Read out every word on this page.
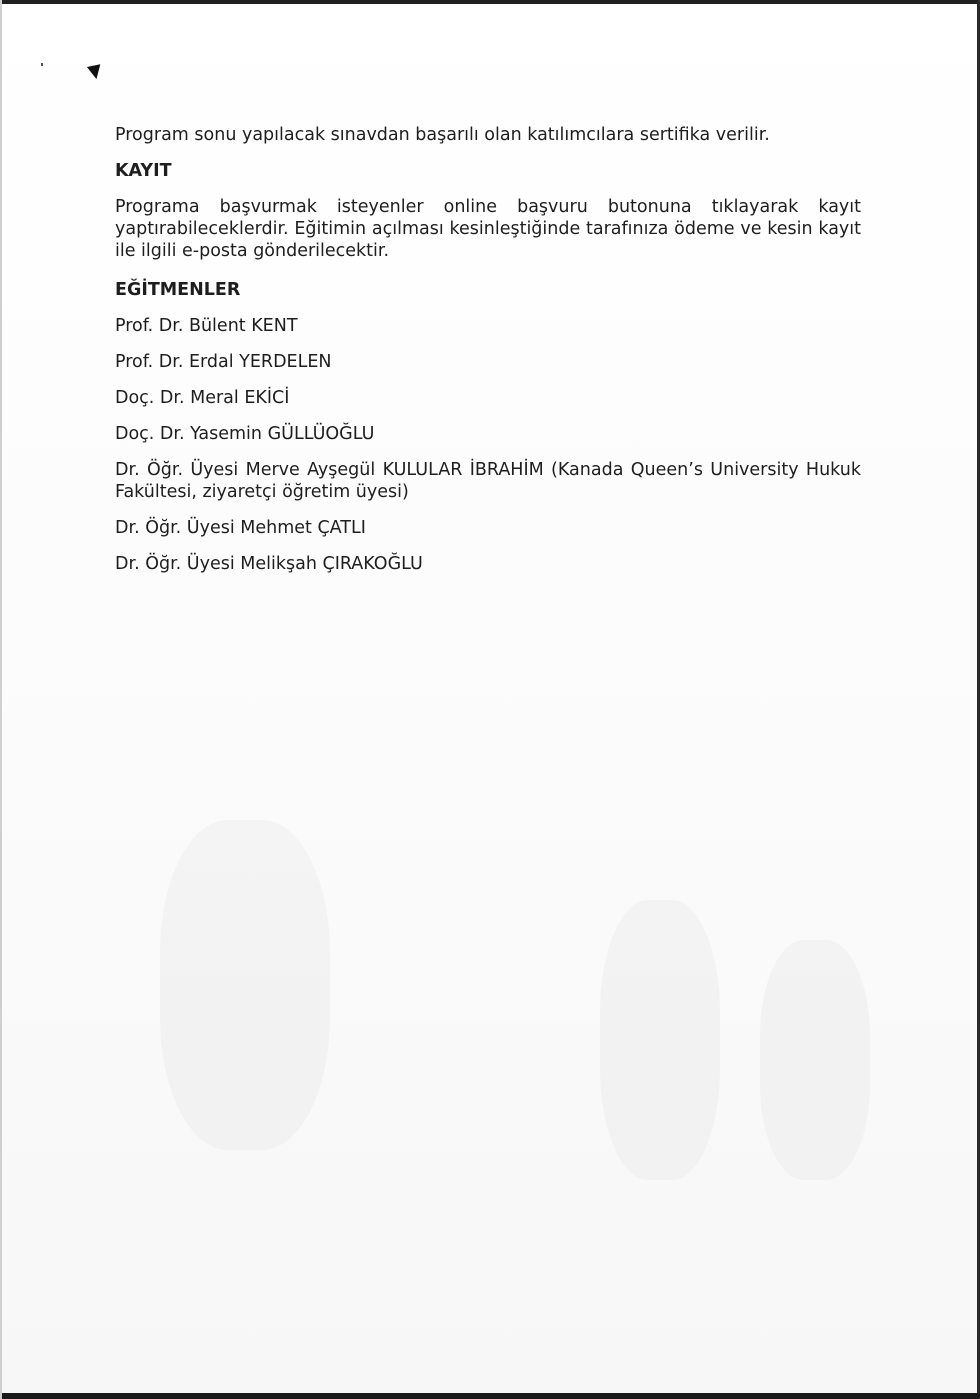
▼

Program sonu yapılacak sınavdan başarılı olan katılımcılara sertifika verilir.

KAYIT

Programa başvurmak isteyenler online başvuru butonuna tıklayarak kayıt yaptırabileceklerdir. Eğitimin açılması kesinleştiğinde tarafınıza ödeme ve kesin kayıt ile ilgili e-posta gönderilecektir.

EĞİTMENLER

Prof. Dr. Bülent KENT

Prof. Dr. Erdal YERDELEN

Doç. Dr. Meral EKİCİ

Doç. Dr. Yasemin GÜLLÜOĞLU

Dr. Öğr. Üyesi Merve Ayşegül KULULAR İBRAHİM (Kanada Queen’s University Hukuk Fakültesi, ziyaretçi öğretim üyesi)

Dr. Öğr. Üyesi Mehmet ÇATLI

Dr. Öğr. Üyesi Melikşah ÇIRAKOĞLU
